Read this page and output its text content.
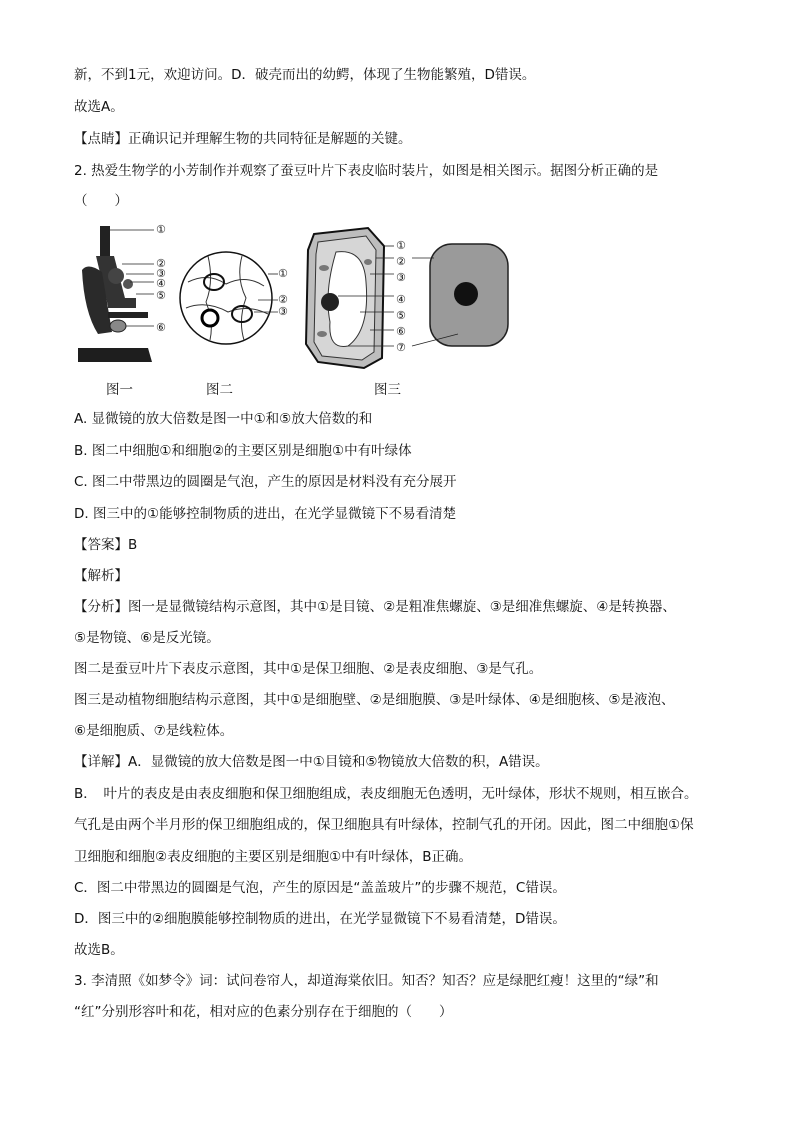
新，不到1元，欢迎访问。D．破壳而出的幼鳄，体现了生物能繁殖，D错误。
故选A。
【点睛】正确识记并理解生物的共同特征是解题的关键。
2. 热爱生物学的小芳制作并观察了蚕豆叶片下表皮临时装片，如图是相关图示。据图分析正确的是
（　　）
①
②
③
④
⑤
⑥
①
②
③
①
②
③
④
⑤
⑥
⑦
图一	图二	图三
A. 显微镜的放大倍数是图一中①和⑤放大倍数的和
B. 图二中细胞①和细胞②的主要区别是细胞①中有叶绿体
C. 图二中带黑边的圆圈是气泡，产生的原因是材料没有充分展开
D. 图三中的①能够控制物质的进出，在光学显微镜下不易看清楚
【答案】B
【解析】
【分析】图一是显微镜结构示意图，其中①是目镜、②是粗准焦螺旋、③是细准焦螺旋、④是转换器、
⑤是物镜、⑥是反光镜。
图二是蚕豆叶片下表皮示意图，其中①是保卫细胞、②是表皮细胞、③是气孔。
图三是动植物细胞结构示意图，其中①是细胞壁、②是细胞膜、③是叶绿体、④是细胞核、⑤是液泡、
⑥是细胞质、⑦是线粒体。
【详解】A．显微镜的放大倍数是图一中①目镜和⑤物镜放大倍数的积，A错误。
B．　叶片的表皮是由表皮细胞和保卫细胞组成，表皮细胞无色透明，无叶绿体，形状不规则，相互嵌合。
气孔是由两个半月形的保卫细胞组成的，保卫细胞具有叶绿体，控制气孔的开闭。因此，图二中细胞①保
卫细胞和细胞②表皮细胞的主要区别是细胞①中有叶绿体，B正确。
C．图二中带黑边的圆圈是气泡，产生的原因是“盖盖玻片”的步骤不规范，C错误。
D．图三中的②细胞膜能够控制物质的进出，在光学显微镜下不易看清楚，D错误。
故选B。
3. 李清照《如梦令》词：试问卷帘人，却道海棠依旧。知否？知否？应是绿肥红瘦！这里的“绿”和
“红”分别形容叶和花，相对应的色素分别存在于细胞的（　　）
